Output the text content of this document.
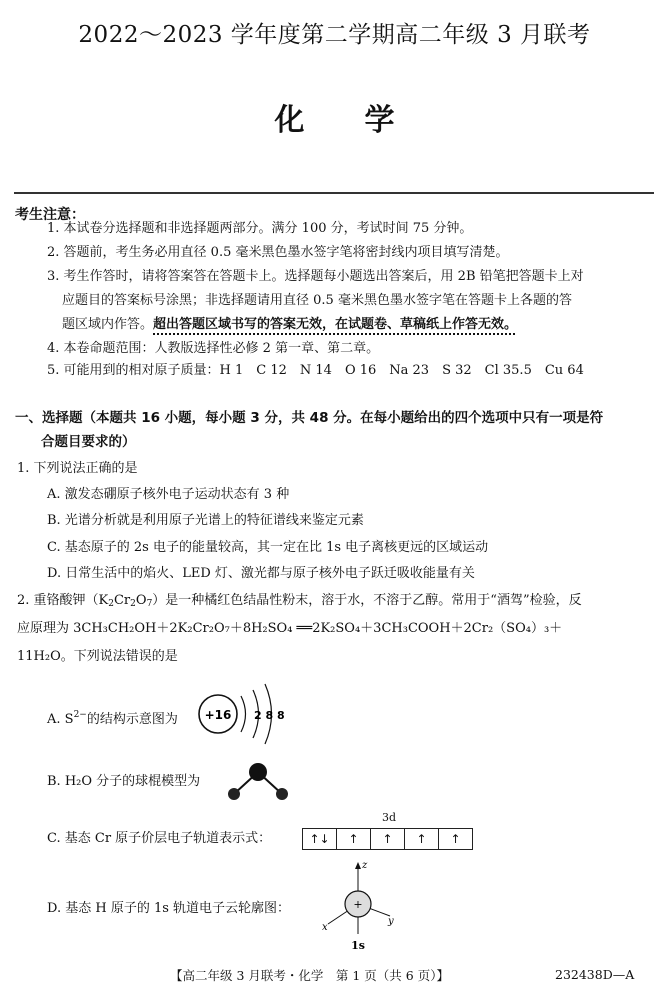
2022～2023 学年度第二学期高二年级 3 月联考
化学
考生注意：
1. 本试卷分选择题和非选择题两部分。满分 100 分，考试时间 75 分钟。
2. 答题前，考生务必用直径 0.5 毫米黑色墨水签字笔将密封线内项目填写清楚。
3. 考生作答时，请将答案答在答题卡上。选择题每小题选出答案后，用 2B 铅笔把答题卡上对
应题目的答案标号涂黑；非选择题请用直径 0.5 毫米黑色墨水签字笔在答题卡上各题的答
题区域内作答。超出答题区域书写的答案无效，在试题卷、草稿纸上作答无效。
4. 本卷命题范围：人教版选择性必修 2 第一章、第二章。
5. 可能用到的相对原子质量：H 1　C 12　N 14　O 16　Na 23　S 32　Cl 35.5　Cu 64
一、选择题（本题共 16 小题，每小题 3 分，共 48 分。在每小题给出的四个选项中只有一项是符
合题目要求的）
1. 下列说法正确的是
A. 激发态硼原子核外电子运动状态有 3 种
B. 光谱分析就是利用原子光谱上的特征谱线来鉴定元素
C. 基态原子的 2s 电子的能量较高，其一定在比 1s 电子离核更远的区域运动
D. 日常生活中的焰火、LED 灯、激光都与原子核外电子跃迁吸收能量有关
2. 重铬酸钾（K2Cr2O7）是一种橘红色结晶性粉末，溶于水，不溶于乙醇。常用于“酒驾”检验，反
应原理为 3CH₃CH₂OH＋2K₂Cr₂O₇＋8H₂SO₄ ══2K₂SO₄＋3CH₃COOH＋2Cr₂（SO₄）₃＋
11H₂O。下列说法错误的是
A. $S^{2-}$的结构示意图为 +16 2 8 8
B. H₂O 分子的球棍模型为
C. 基态 Cr 原子价层电子轨道表示式：
3d
↑↓	↑	↑	↑	↑
D. 基态 H 原子的 1s 轨道电子云轮廓图：	+
z
x
y
1s
【高二年级 3 月联考・化学　第 1 页（共 6 页）】	232438D—A
